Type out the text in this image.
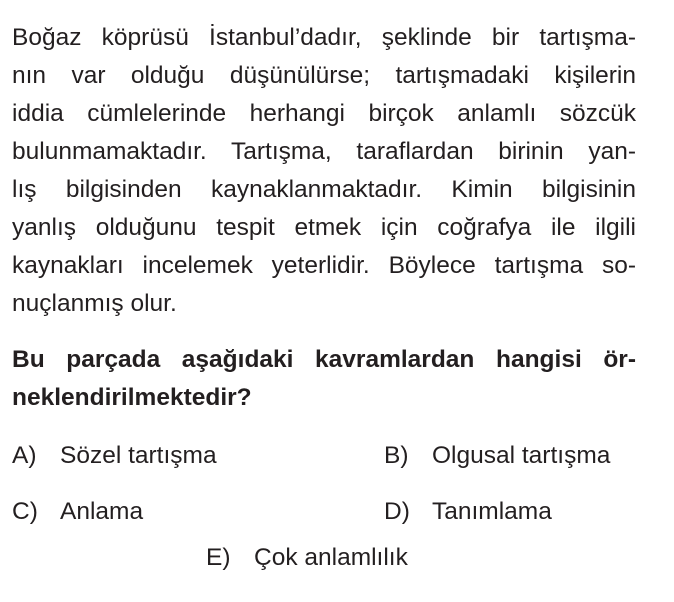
Boğaz köprüsü İstanbul’dadır, şeklinde bir tartışma-
nın var olduğu düşünülürse; tartışmadaki kişilerin
iddia cümlelerinde herhangi birçok anlamlı sözcük
bulunmamaktadır. Tartışma, taraflardan birinin yan-
lış bilgisinden kaynaklanmaktadır. Kimin bilgisinin
yanlış olduğunu tespit etmek için coğrafya ile ilgili
kaynakları incelemek yeterlidir. Böylece tartışma so-
nuçlanmış olur.
Bu parçada aşağıdaki kavramlardan hangisi ör-
neklendirilmektedir?
A) Sözel tartışma	B) Olgusal tartışma
C) Anlama	D) Tanımlama
E) Çok anlamlılık
